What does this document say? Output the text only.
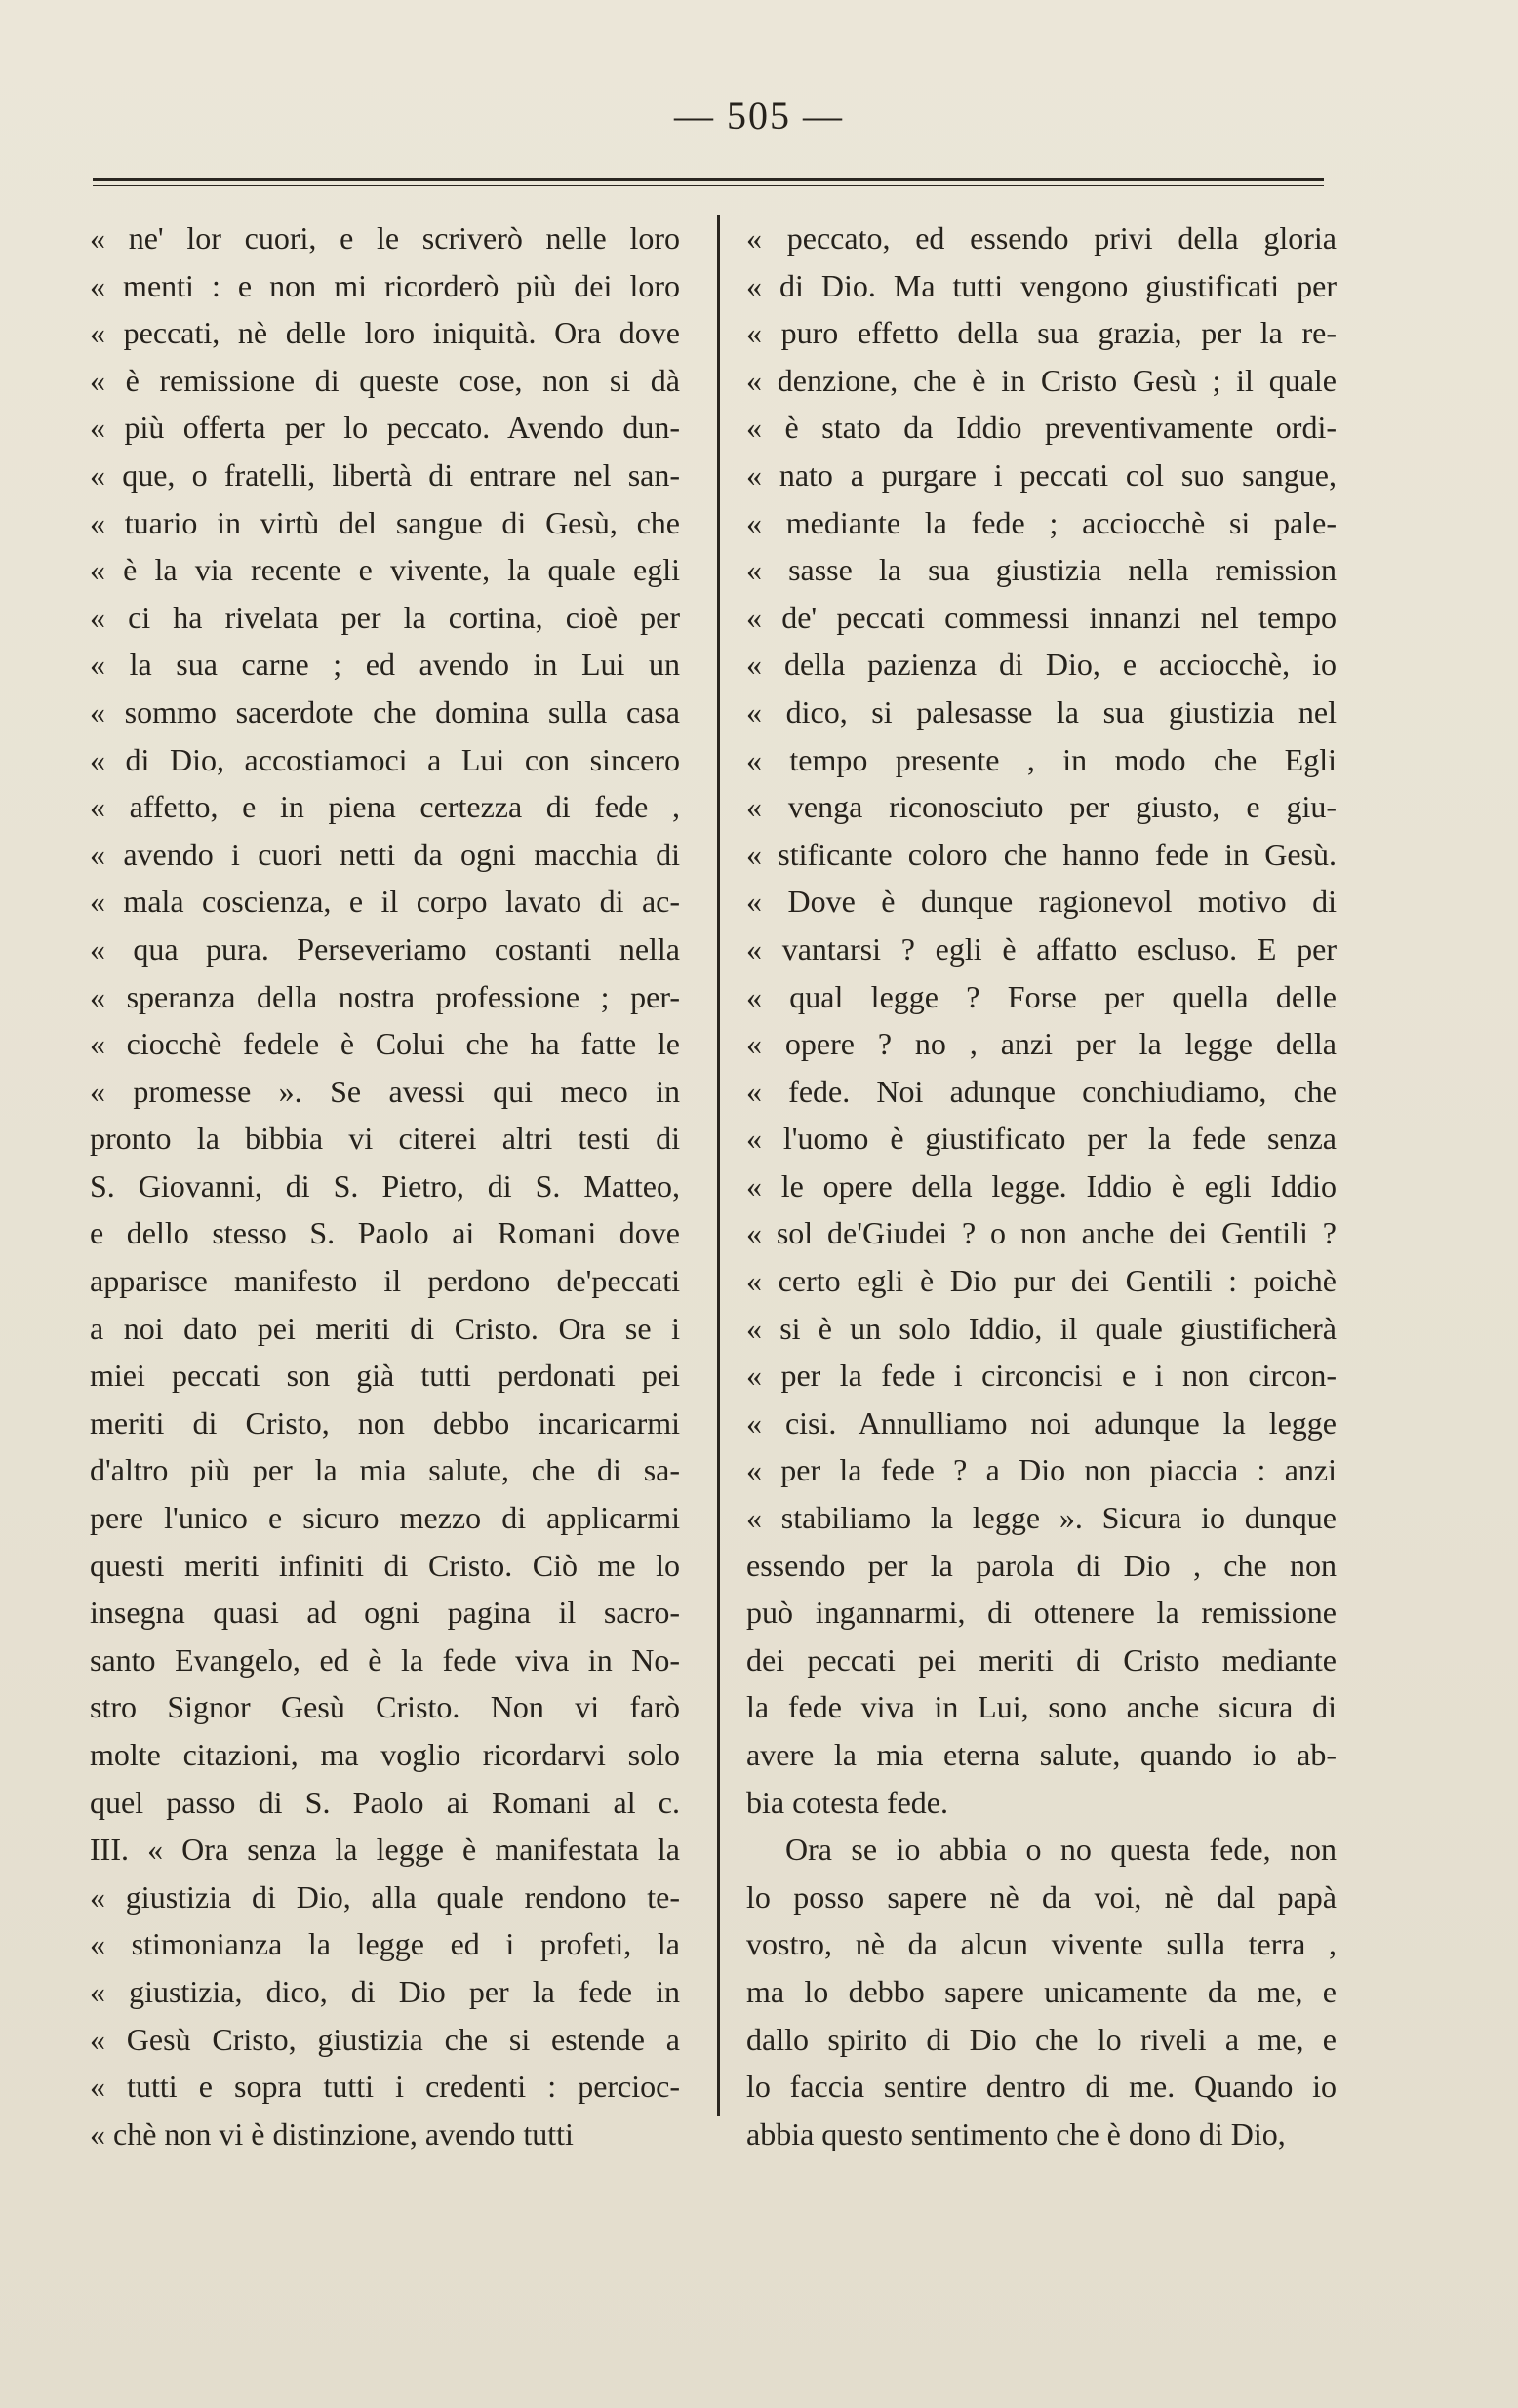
— 505 —
« ne' lor cuori, e le scriverò nelle loro
« menti : e non mi ricorderò più dei loro
« peccati, nè delle loro iniquità. Ora dove
« è remissione di queste cose, non si dà
« più offerta per lo peccato. Avendo dun-
« que, o fratelli, libertà di entrare nel san-
« tuario in virtù del sangue di Gesù, che
« è la via recente e vivente, la quale egli
« ci ha rivelata per la cortina, cioè per
« la sua carne ; ed avendo in Lui un
« sommo sacerdote che domina sulla casa
« di Dio, accostiamoci a Lui con sincero
« affetto, e in piena certezza di fede ,
« avendo i cuori netti da ogni macchia di
« mala coscienza, e il corpo lavato di ac-
« qua pura. Perseveriamo costanti nella
« speranza della nostra professione ; per-
« ciocchè fedele è Colui che ha fatte le
« promesse ». Se avessi qui meco in
pronto la bibbia vi citerei altri testi di
S. Giovanni, di S. Pietro, di S. Matteo,
e dello stesso S. Paolo ai Romani dove
apparisce manifesto il perdono de'peccati
a noi dato pei meriti di Cristo. Ora se i
miei peccati son già tutti perdonati pei
meriti di Cristo, non debbo incaricarmi
d'altro più per la mia salute, che di sa-
pere l'unico e sicuro mezzo di applicarmi
questi meriti infiniti di Cristo. Ciò me lo
insegna quasi ad ogni pagina il sacro-
santo Evangelo, ed è la fede viva in No-
stro Signor Gesù Cristo. Non vi farò
molte citazioni, ma voglio ricordarvi solo
quel passo di S. Paolo ai Romani al c.
III. « Ora senza la legge è manifestata la
« giustizia di Dio, alla quale rendono te-
« stimonianza la legge ed i profeti, la
« giustizia, dico, di Dio per la fede in
« Gesù Cristo, giustizia che si estende a
« tutti e sopra tutti i credenti : percioc-
« chè non vi è distinzione, avendo tutti
« peccato, ed essendo privi della gloria
« di Dio. Ma tutti vengono giustificati per
« puro effetto della sua grazia, per la re-
« denzione, che è in Cristo Gesù ; il quale
« è stato da Iddio preventivamente ordi-
« nato a purgare i peccati col suo sangue,
« mediante la fede ; acciocchè si pale-
« sasse la sua giustizia nella remission
« de' peccati commessi innanzi nel tempo
« della pazienza di Dio, e acciocchè, io
« dico, si palesasse la sua giustizia nel
« tempo presente , in modo che Egli
« venga riconosciuto per giusto, e giu-
« stificante coloro che hanno fede in Gesù.
« Dove è dunque ragionevol motivo di
« vantarsi ? egli è affatto escluso. E per
« qual legge ? Forse per quella delle
« opere ? no , anzi per la legge della
« fede. Noi adunque conchiudiamo, che
« l'uomo è giustificato per la fede senza
« le opere della legge. Iddio è egli Iddio
« sol de'Giudei ? o non anche dei Gentili ?
« certo egli è Dio pur dei Gentili : poichè
« si è un solo Iddio, il quale giustificherà
« per la fede i circoncisi e i non circon-
« cisi. Annulliamo noi adunque la legge
« per la fede ? a Dio non piaccia : anzi
« stabiliamo la legge ». Sicura io dunque
essendo per la parola di Dio , che non
può ingannarmi, di ottenere la remissione
dei peccati pei meriti di Cristo mediante
la fede viva in Lui, sono anche sicura di
avere la mia eterna salute, quando io ab-
bia cotesta fede.
Ora se io abbia o no questa fede, non
lo posso sapere nè da voi, nè dal papà
vostro, nè da alcun vivente sulla terra ,
ma lo debbo sapere unicamente da me, e
dallo spirito di Dio che lo riveli a me, e
lo faccia sentire dentro di me. Quando io
abbia questo sentimento che è dono di Dio,
